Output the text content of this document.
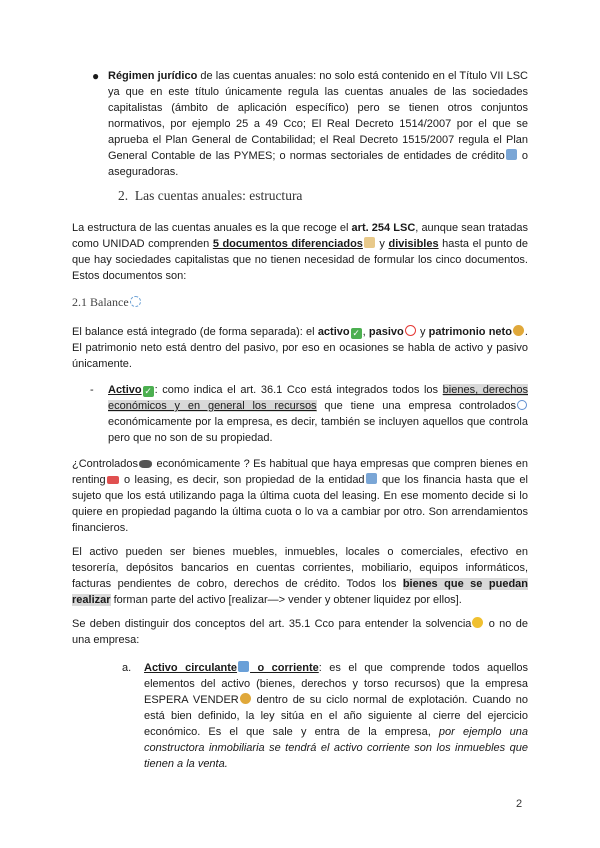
● Régimen jurídico de las cuentas anuales: no solo está contenido en el Título VII LSC ya que en este título únicamente regula las cuentas anuales de las sociedades capitalistas (ámbito de aplicación específico) pero se tienen otros conjuntos normativos, por ejemplo 25 a 49 Cco; El Real Decreto 1514/2007 por el que se aprueba el Plan General de Contabilidad; el Real Decreto 1515/2007 regula el Plan General Contable de las PYMES; o normas sectoriales de entidades de crédito o aseguradoras.
2. Las cuentas anuales: estructura
La estructura de las cuentas anuales es la que recoge el art. 254 LSC, aunque sean tratadas como UNIDAD comprenden 5 documentos diferenciados y divisibles hasta el punto de que hay sociedades capitalistas que no tienen necesidad de formular los cinco documentos. Estos documentos son:
2.1 Balance
El balance está integrado (de forma separada): el activo ✓ , pasivo y patrimonio neto . El patrimonio neto está dentro del pasivo, por eso en ocasiones se habla de activo y pasivo únicamente.
- Activo ✓ : como indica el art. 36.1 Cco está integrados todos los bienes, derechos económicos y en general los recursos que tiene una empresa controlados económicamente por la empresa, es decir, también se incluyen aquellos que controla pero que no son de su propiedad.
¿Controlados económicamente ? Es habitual que haya empresas que compren bienes en renting o leasing, es decir, son propiedad de la entidad que los financia hasta que el sujeto que los está utilizando paga la última cuota del leasing. En ese momento decide si lo quiere en propiedad pagando la última cuota o lo va a cambiar por otro. Son arrendamientos financieros.
El activo pueden ser bienes muebles, inmuebles, locales o comerciales, efectivo en tesorería, depósitos bancarios en cuentas corrientes, mobiliario, equipos informáticos, facturas pendientes de cobro, derechos de crédito. Todos los bienes que se puedan realizar forman parte del activo [realizar—> vender y obtener liquidez por ellos].
Se deben distinguir dos conceptos del art. 35.1 Cco para entender la solvencia o no de una empresa:
a. Activo circulante o corriente: es el que comprende todos aquellos elementos del activo (bienes, derechos y torso recursos) que la empresa ESPERA VENDER dentro de su ciclo normal de explotación. Cuando no está bien definido, la ley sitúa en el año siguiente al cierre del ejercicio económico. Es el que sale y entra de la empresa, por ejemplo una constructora inmobiliaria se tendrá el activo corriente son los inmuebles que tienen a la venta.
2
